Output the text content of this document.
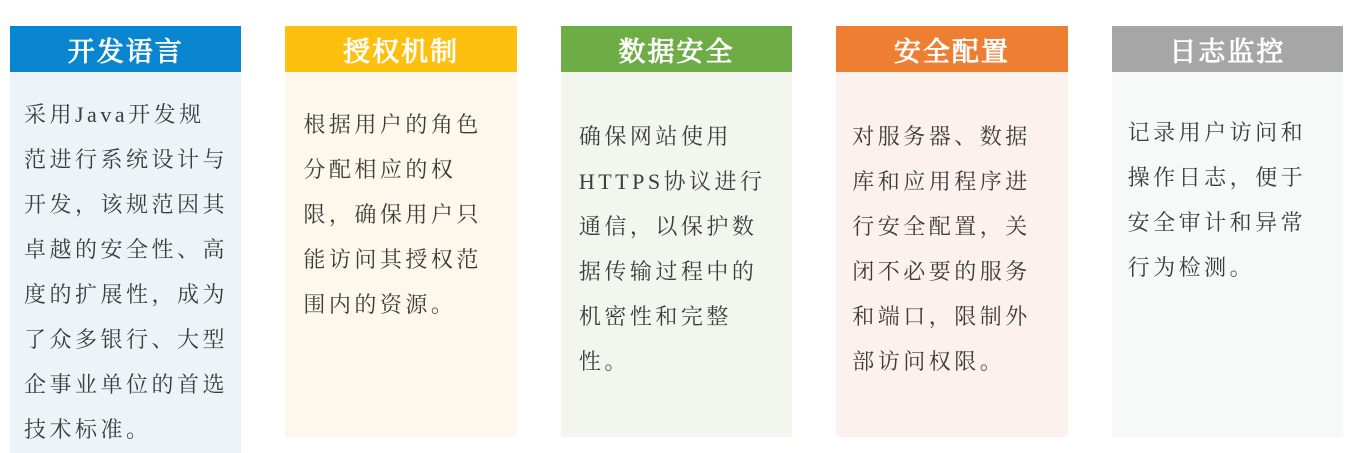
开发语言

采用Java开发规范进行系统设计与开发，该规范因其卓越的安全性、高度的扩展性，成为了众多银行、大型企事业单位的首选技术标准。

授权机制

根据用户的角色分配相应的权限，确保用户只能访问其授权范围内的资源。

数据安全

确保网站使用HTTPS协议进行通信，以保护数据传输过程中的机密性和完整性。

安全配置

对服务器、数据库和应用程序进行安全配置，关闭不必要的服务和端口，限制外部访问权限。

日志监控

记录用户访问和操作日志，便于安全审计和异常行为检测。
